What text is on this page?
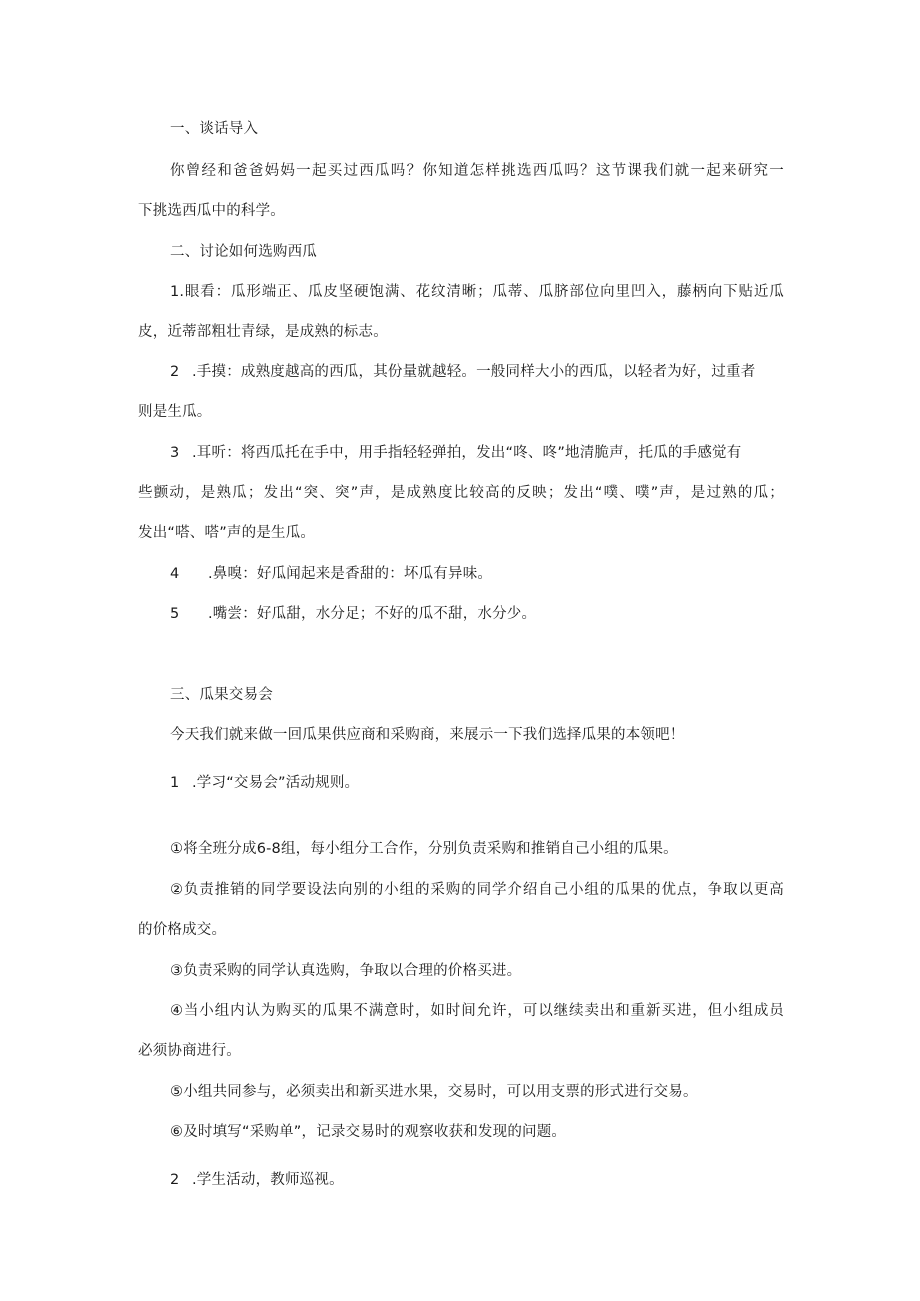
一、谈话导入
你曾经和爸爸妈妈一起买过西瓜吗？你知道怎样挑选西瓜吗？这节课我们就一起来研究一
下挑选西瓜中的科学。
二、讨论如何选购西瓜
1.眼看：瓜形端正、瓜皮坚硬饱满、花纹清晰；瓜蒂、瓜脐部位向里凹入，藤柄向下贴近瓜
皮，近蒂部粗壮青绿，是成熟的标志。
2 .手摸：成熟度越高的西瓜，其份量就越轻。一般同样大小的西瓜，以轻者为好，过重者
则是生瓜。
3 .耳听：将西瓜托在手中，用手指轻轻弹拍，发出“咚、咚”地清脆声，托瓜的手感觉有
些颤动，是熟瓜；发出“突、突”声，是成熟度比较高的反映；发出“噗、噗”声，是过熟的瓜；
发出“嗒、嗒”声的是生瓜。
4 .鼻嗅：好瓜闻起来是香甜的：坏瓜有异味。
5 .嘴尝：好瓜甜，水分足；不好的瓜不甜，水分少。
三、瓜果交易会
今天我们就来做一回瓜果供应商和采购商，来展示一下我们选择瓜果的本领吧！
1 .学习“交易会”活动规则。
①将全班分成6-8组，每小组分工合作，分别负责采购和推销自己小组的瓜果。
②负责推销的同学要设法向别的小组的采购的同学介绍自己小组的瓜果的优点，争取以更高
的价格成交。
③负责采购的同学认真选购，争取以合理的价格买进。
④当小组内认为购买的瓜果不满意时，如时间允许，可以继续卖出和重新买进，但小组成员
必须协商进行。
⑤小组共同参与，必须卖出和新买进水果，交易时，可以用支票的形式进行交易。
⑥及时填写“采购单”，记录交易时的观察收获和发现的问题。
2 .学生活动，教师巡视。
